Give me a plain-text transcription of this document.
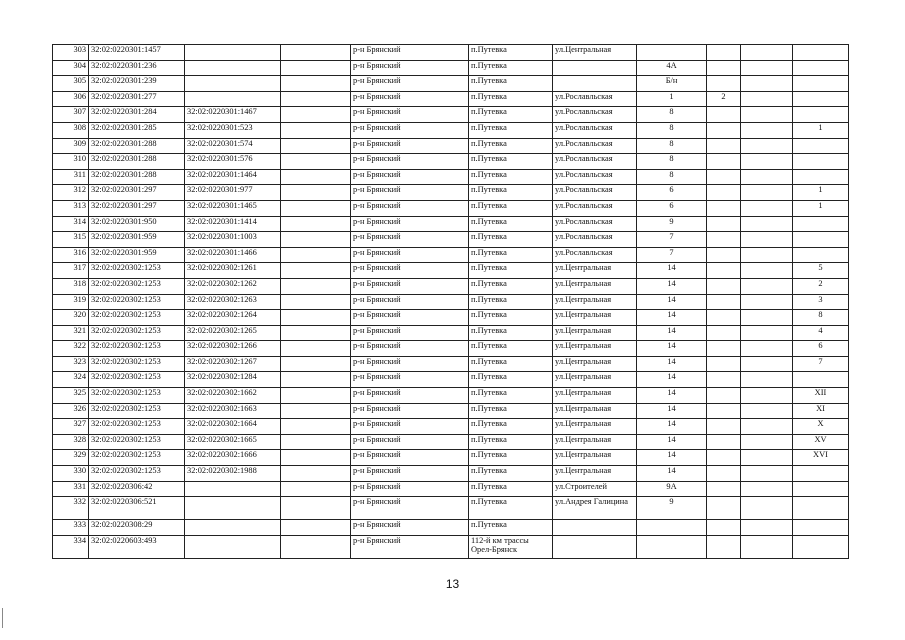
303	32:02:0220301:1457			р-н Брянский	п.Путевка	ул.Центральная				
304	32:02:0220301:236			р-н Брянский	п.Путевка		4А			
305	32:02:0220301:239			р-н Брянский	п.Путевка		Б/н			
306	32:02:0220301:277			р-н Брянский	п.Путевка	ул.Рославльская	1	2		
307	32:02:0220301:284	32:02:0220301:1467		р-н Брянский	п.Путевка	ул.Рославльская	8			
308	32:02:0220301:285	32:02:0220301:523		р-н Брянский	п.Путевка	ул.Рославльская	8			1
309	32:02:0220301:288	32:02:0220301:574		р-н Брянский	п.Путевка	ул.Рославльская	8			
310	32:02:0220301:288	32:02:0220301:576		р-н Брянский	п.Путевка	ул.Рославльская	8			
311	32:02:0220301:288	32:02:0220301:1464		р-н Брянский	п.Путевка	ул.Рославльская	8			
312	32:02:0220301:297	32:02:0220301:977		р-н Брянский	п.Путевка	ул.Рославльская	6			1
313	32:02:0220301:297	32:02:0220301:1465		р-н Брянский	п.Путевка	ул.Рославльская	6			1
314	32:02:0220301:950	32:02:0220301:1414		р-н Брянский	п.Путевка	ул.Рославльская	9			
315	32:02:0220301:959	32:02:0220301:1003		р-н Брянский	п.Путевка	ул.Рославльская	7			
316	32:02:0220301:959	32:02:0220301:1466		р-н Брянский	п.Путевка	ул.Рославльская	7			
317	32:02:0220302:1253	32:02:0220302:1261		р-н Брянский	п.Путевка	ул.Центральная	14			5
318	32:02:0220302:1253	32:02:0220302:1262		р-н Брянский	п.Путевка	ул.Центральная	14			2
319	32:02:0220302:1253	32:02:0220302:1263		р-н Брянский	п.Путевка	ул.Центральная	14			3
320	32:02:0220302:1253	32:02:0220302:1264		р-н Брянский	п.Путевка	ул.Центральная	14			8
321	32:02:0220302:1253	32:02:0220302:1265		р-н Брянский	п.Путевка	ул.Центральная	14			4
322	32:02:0220302:1253	32:02:0220302:1266		р-н Брянский	п.Путевка	ул.Центральная	14			6
323	32:02:0220302:1253	32:02:0220302:1267		р-н Брянский	п.Путевка	ул.Центральная	14			7
324	32:02:0220302:1253	32:02:0220302:1284		р-н Брянский	п.Путевка	ул.Центральная	14			
325	32:02:0220302:1253	32:02:0220302:1662		р-н Брянский	п.Путевка	ул.Центральная	14			XII
326	32:02:0220302:1253	32:02:0220302:1663		р-н Брянский	п.Путевка	ул.Центральная	14			XI
327	32:02:0220302:1253	32:02:0220302:1664		р-н Брянский	п.Путевка	ул.Центральная	14			X
328	32:02:0220302:1253	32:02:0220302:1665		р-н Брянский	п.Путевка	ул.Центральная	14			XV
329	32:02:0220302:1253	32:02:0220302:1666		р-н Брянский	п.Путевка	ул.Центральная	14			XVI
330	32:02:0220302:1253	32:02:0220302:1988		р-н Брянский	п.Путевка	ул.Центральная	14			
331	32:02:0220306:42			р-н Брянский	п.Путевка	ул.Строителей	9А			
332	32:02:0220306:521			р-н Брянский	п.Путевка	ул.Андрея Галицина	9			
333	32:02:0220308:29			р-н Брянский	п.Путевка					
334	32:02:0220603:493			р-н Брянский	112-й км трассы Орел-Брянск					
13
